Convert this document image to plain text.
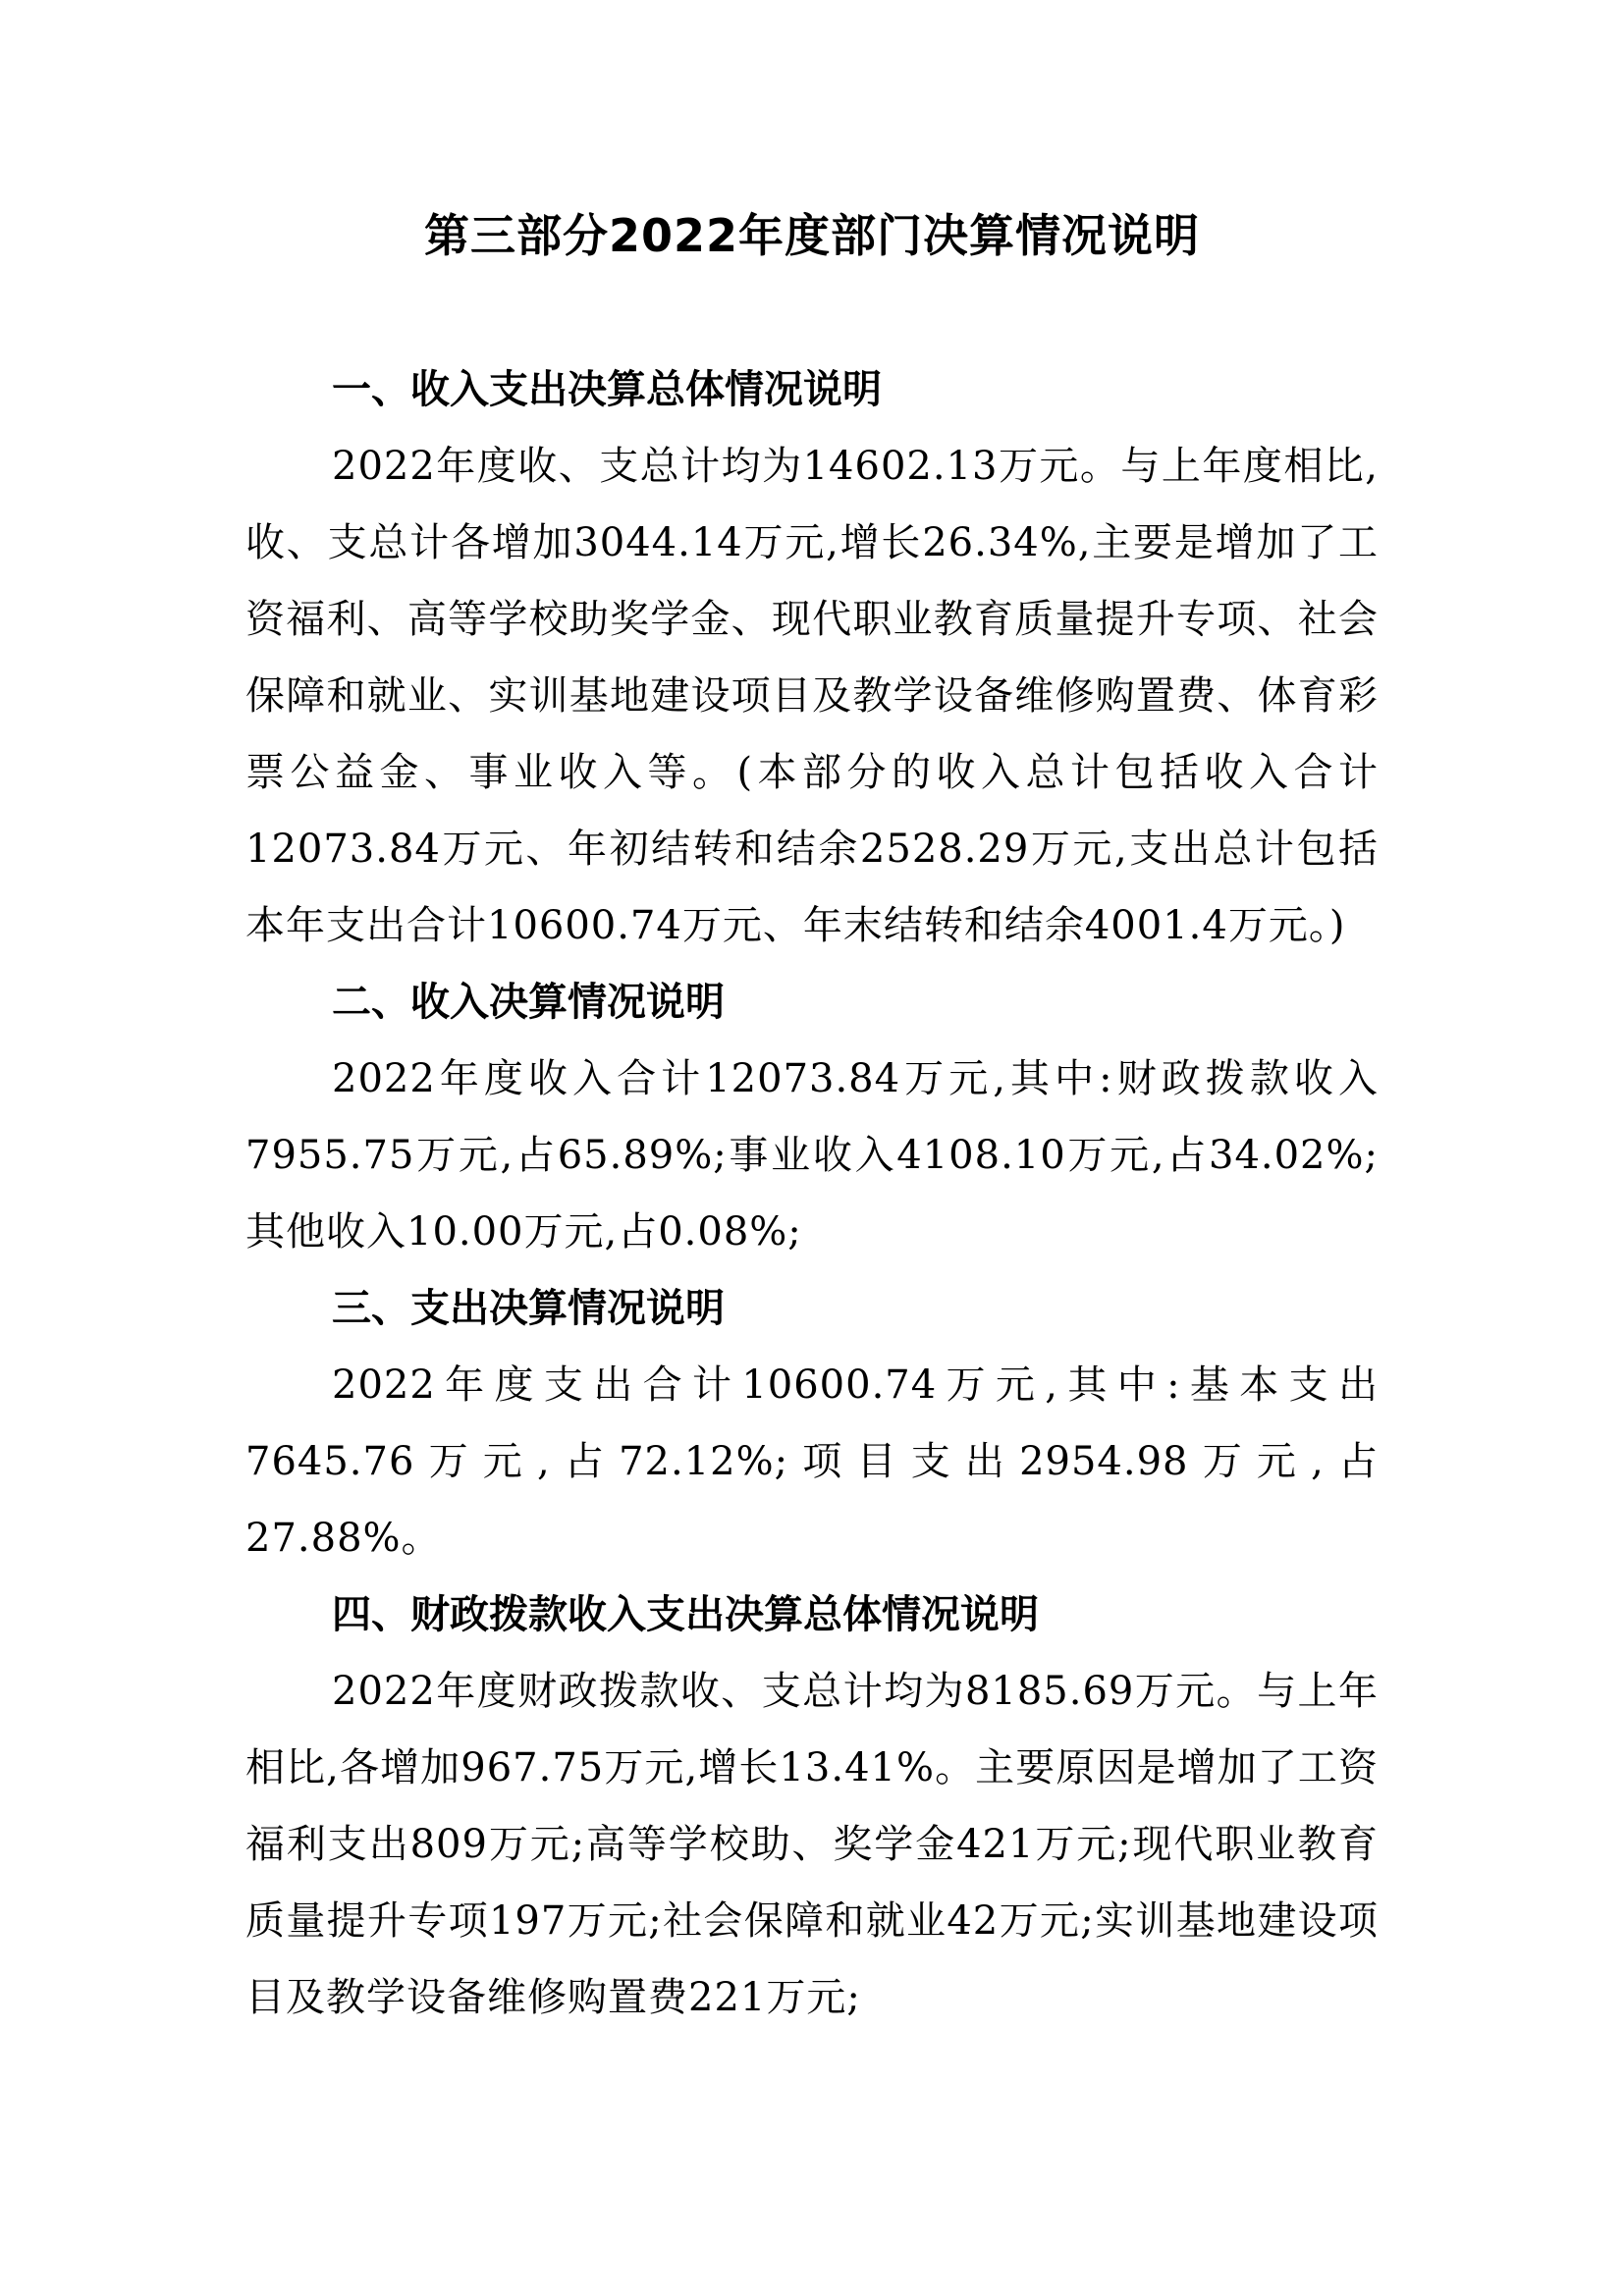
第三部分2022年度部门决算情况说明
一、收入支出决算总体情况说明

2022年度收、支总计均为14602.13万元。与上年度相比,收、支总计各增加3044.14万元,增长26.34%,主要是增加了工资福利、高等学校助奖学金、现代职业教育质量提升专项、社会保障和就业、实训基地建设项目及教学设备维修购置费、体育彩票公益金、事业收入等。(本部分的收入总计包括收入合计12073.84万元、年初结转和结余2528.29万元,支出总计包括本年支出合计10600.74万元、年末结转和结余4001.4万元。)

二、收入决算情况说明

2022年度收入合计12073.84万元,其中:财政拨款收入7955.75万元,占65.89%;事业收入4108.10万元,占34.02%;其他收入10.00万元,占0.08%;

三、支出决算情况说明

2022年度支出合计10600.74万元,其中:基本支出7645.76万元,占72.12%;项目支出2954.98万元,占27.88%。

四、财政拨款收入支出决算总体情况说明

2022年度财政拨款收、支总计均为8185.69万元。与上年相比,各增加967.75万元,增长13.41%。主要原因是增加了工资福利支出809万元;高等学校助、奖学金421万元;现代职业教育质量提升专项197万元;社会保障和就业42万元;实训基地建设项目及教学设备维修购置费221万元;
